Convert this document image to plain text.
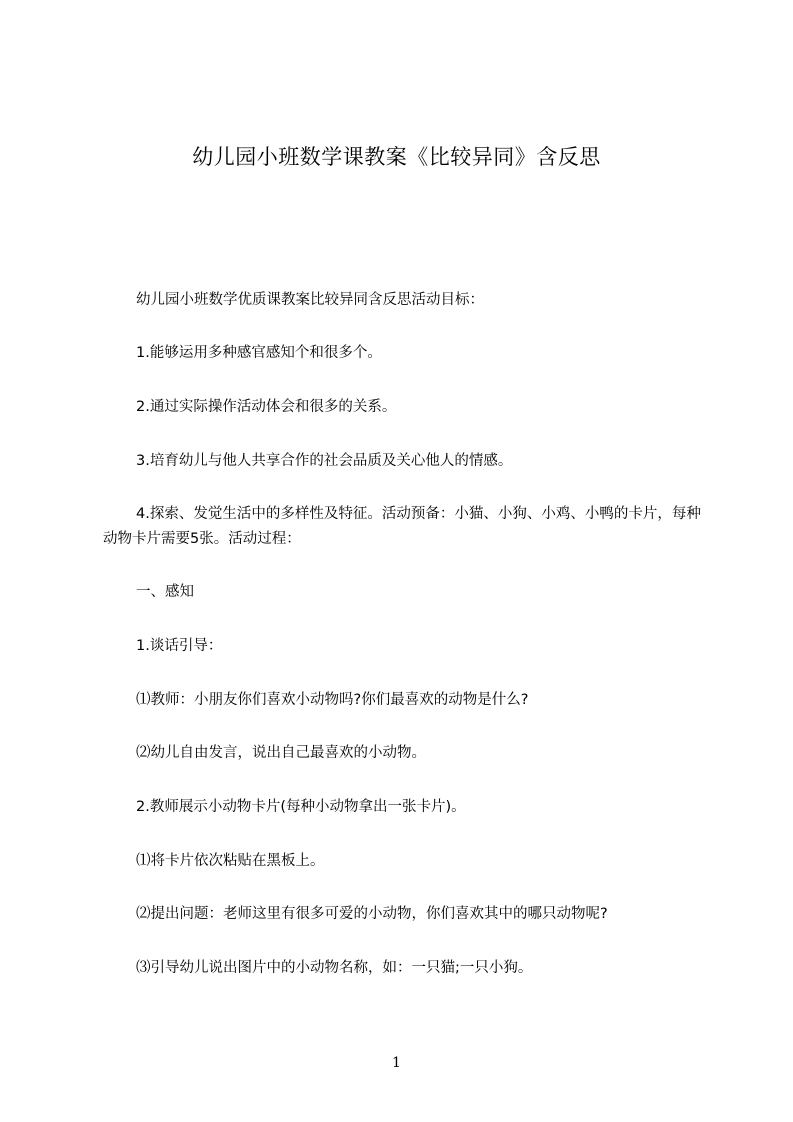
幼儿园小班数学课教案《比较异同》含反思
幼儿园小班数学优质课教案比较异同含反思活动目标：
1.能够运用多种感官感知个和很多个。
2.通过实际操作活动体会和很多的关系。
3.培育幼儿与他人共享合作的社会品质及关心他人的情感。
4.探索、发觉生活中的多样性及特征。活动预备：小猫、小狗、小鸡、小鸭的卡片，每种动物卡片需要5张。活动过程：
一、感知
1.谈话引导：
⑴教师：小朋友你们喜欢小动物吗?你们最喜欢的动物是什么?
⑵幼儿自由发言，说出自己最喜欢的小动物。
2.教师展示小动物卡片(每种小动物拿出一张卡片)。
⑴将卡片依次粘贴在黑板上。
⑵提出问题：老师这里有很多可爱的小动物，你们喜欢其中的哪只动物呢?
⑶引导幼儿说出图片中的小动物名称，如：一只猫;一只小狗。
1
